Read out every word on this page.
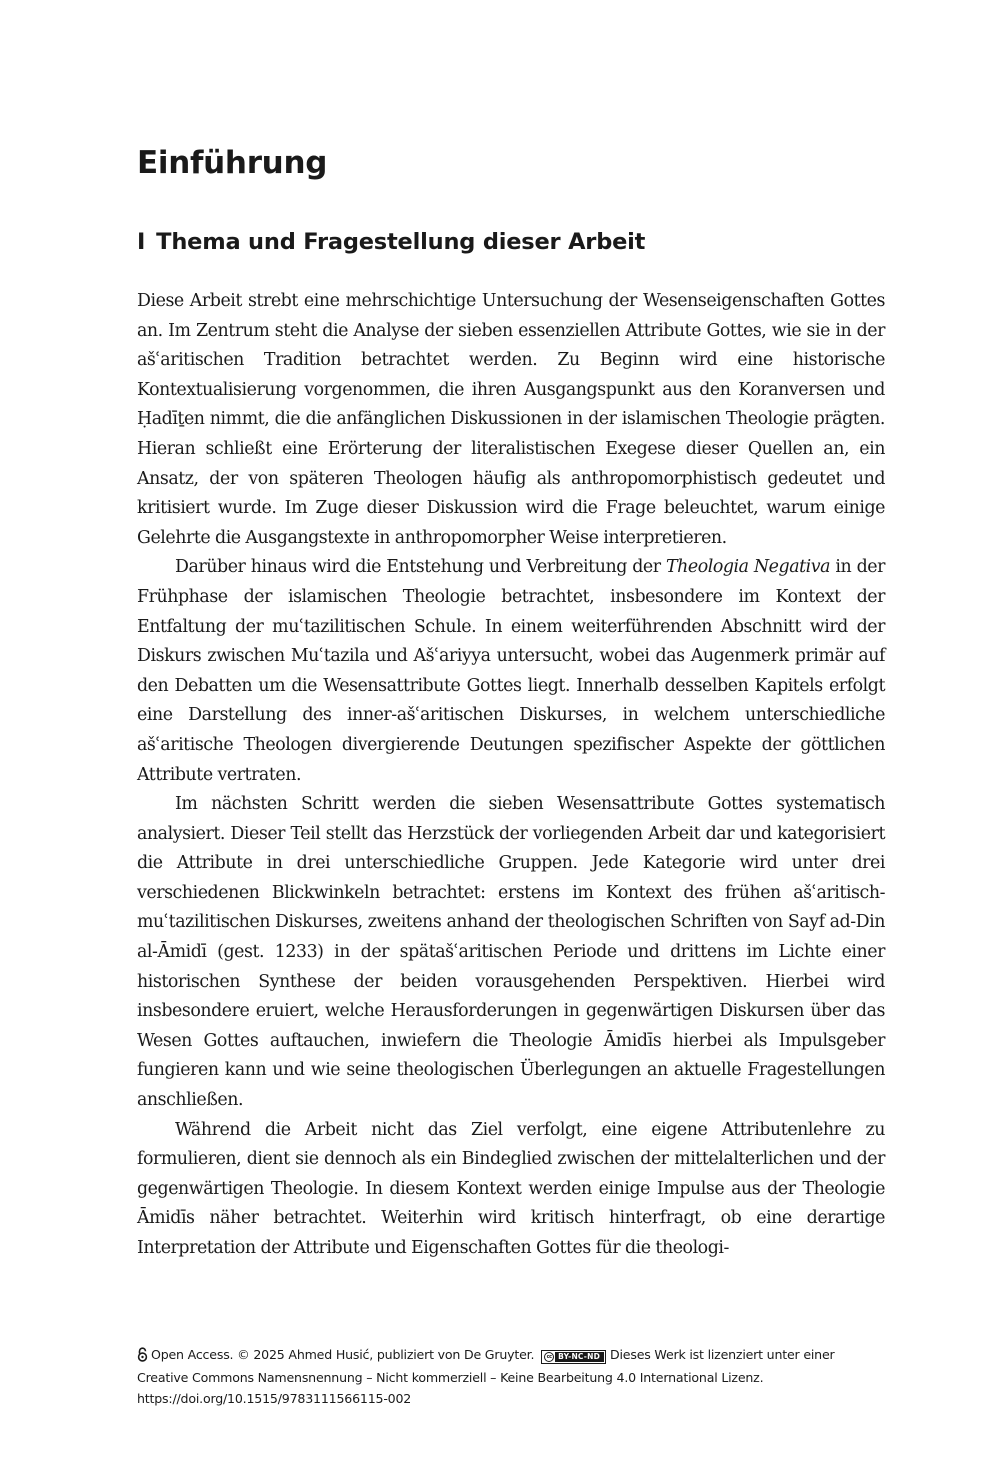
Einführung
I Thema und Fragestellung dieser Arbeit

Diese Arbeit strebt eine mehrschichtige Untersuchung der Wesenseigenschaften Gottes an. Im Zentrum steht die Analyse der sieben essenziellen Attribute Gottes, wie sie in der ašʿaritischen Tradition betrachtet werden. Zu Beginn wird eine historische Kontextualisierung vorgenommen, die ihren Ausgangspunkt aus den Koranversen und Ḥadīṯen nimmt, die die anfänglichen Diskussionen in der islamischen Theologie prägten. Hieran schließt eine Erörterung der literalistischen Exegese dieser Quellen an, ein Ansatz, der von späteren Theologen häufig als anthropomorphistisch gedeutet und kritisiert wurde. Im Zuge dieser Diskussion wird die Frage beleuchtet, warum einige Gelehrte die Ausgangstexte in anthropomorpher Weise interpretieren.

Darüber hinaus wird die Entstehung und Verbreitung der Theologia Negativa in der Frühphase der islamischen Theologie betrachtet, insbesondere im Kontext der Entfaltung der muʿtazilitischen Schule. In einem weiterführenden Abschnitt wird der Diskurs zwischen Muʿtazila und Ašʿariyya untersucht, wobei das Augenmerk primär auf den Debatten um die Wesensattribute Gottes liegt. Innerhalb desselben Kapitels erfolgt eine Darstellung des inner-ašʿaritischen Diskurses, in welchem unterschiedliche ašʿaritische Theologen divergierende Deutungen spezifischer Aspekte der göttlichen Attribute vertraten.

Im nächsten Schritt werden die sieben Wesensattribute Gottes systematisch analysiert. Dieser Teil stellt das Herzstück der vorliegenden Arbeit dar und kategorisiert die Attribute in drei unterschiedliche Gruppen. Jede Kategorie wird unter drei verschiedenen Blickwinkeln betrachtet: erstens im Kontext des frühen ašʿaritisch-muʿtazilitischen Diskurses, zweitens anhand der theologischen Schriften von Sayf ad-Din al-Āmidī (gest. 1233) in der spätašʿaritischen Periode und drittens im Lichte einer historischen Synthese der beiden vorausgehenden Perspektiven. Hierbei wird insbesondere eruiert, welche Herausforderungen in gegenwärtigen Diskursen über das Wesen Gottes auftauchen, inwiefern die Theologie Āmidīs hierbei als Impulsgeber fungieren kann und wie seine theologischen Überlegungen an aktuelle Fragestellungen anschließen.

Während die Arbeit nicht das Ziel verfolgt, eine eigene Attributenlehre zu formulieren, dient sie dennoch als ein Bindeglied zwischen der mittelalterlichen und der gegenwärtigen Theologie. In diesem Kontext werden einige Impulse aus der Theologie Āmidīs näher betrachtet. Weiterhin wird kritisch hinterfragt, ob eine derartige Interpretation der Attribute und Eigenschaften Gottes für die theologi-

Open Access. © 2025 Ahmed Husić, publiziert von De Gruyter.	cc BY-NC-ND Dieses Werk ist lizenziert unter einer
Creative Commons Namensnennung – Nicht kommerziell – Keine Bearbeitung 4.0 International Lizenz.
https://doi.org/10.1515/9783111566115-002
